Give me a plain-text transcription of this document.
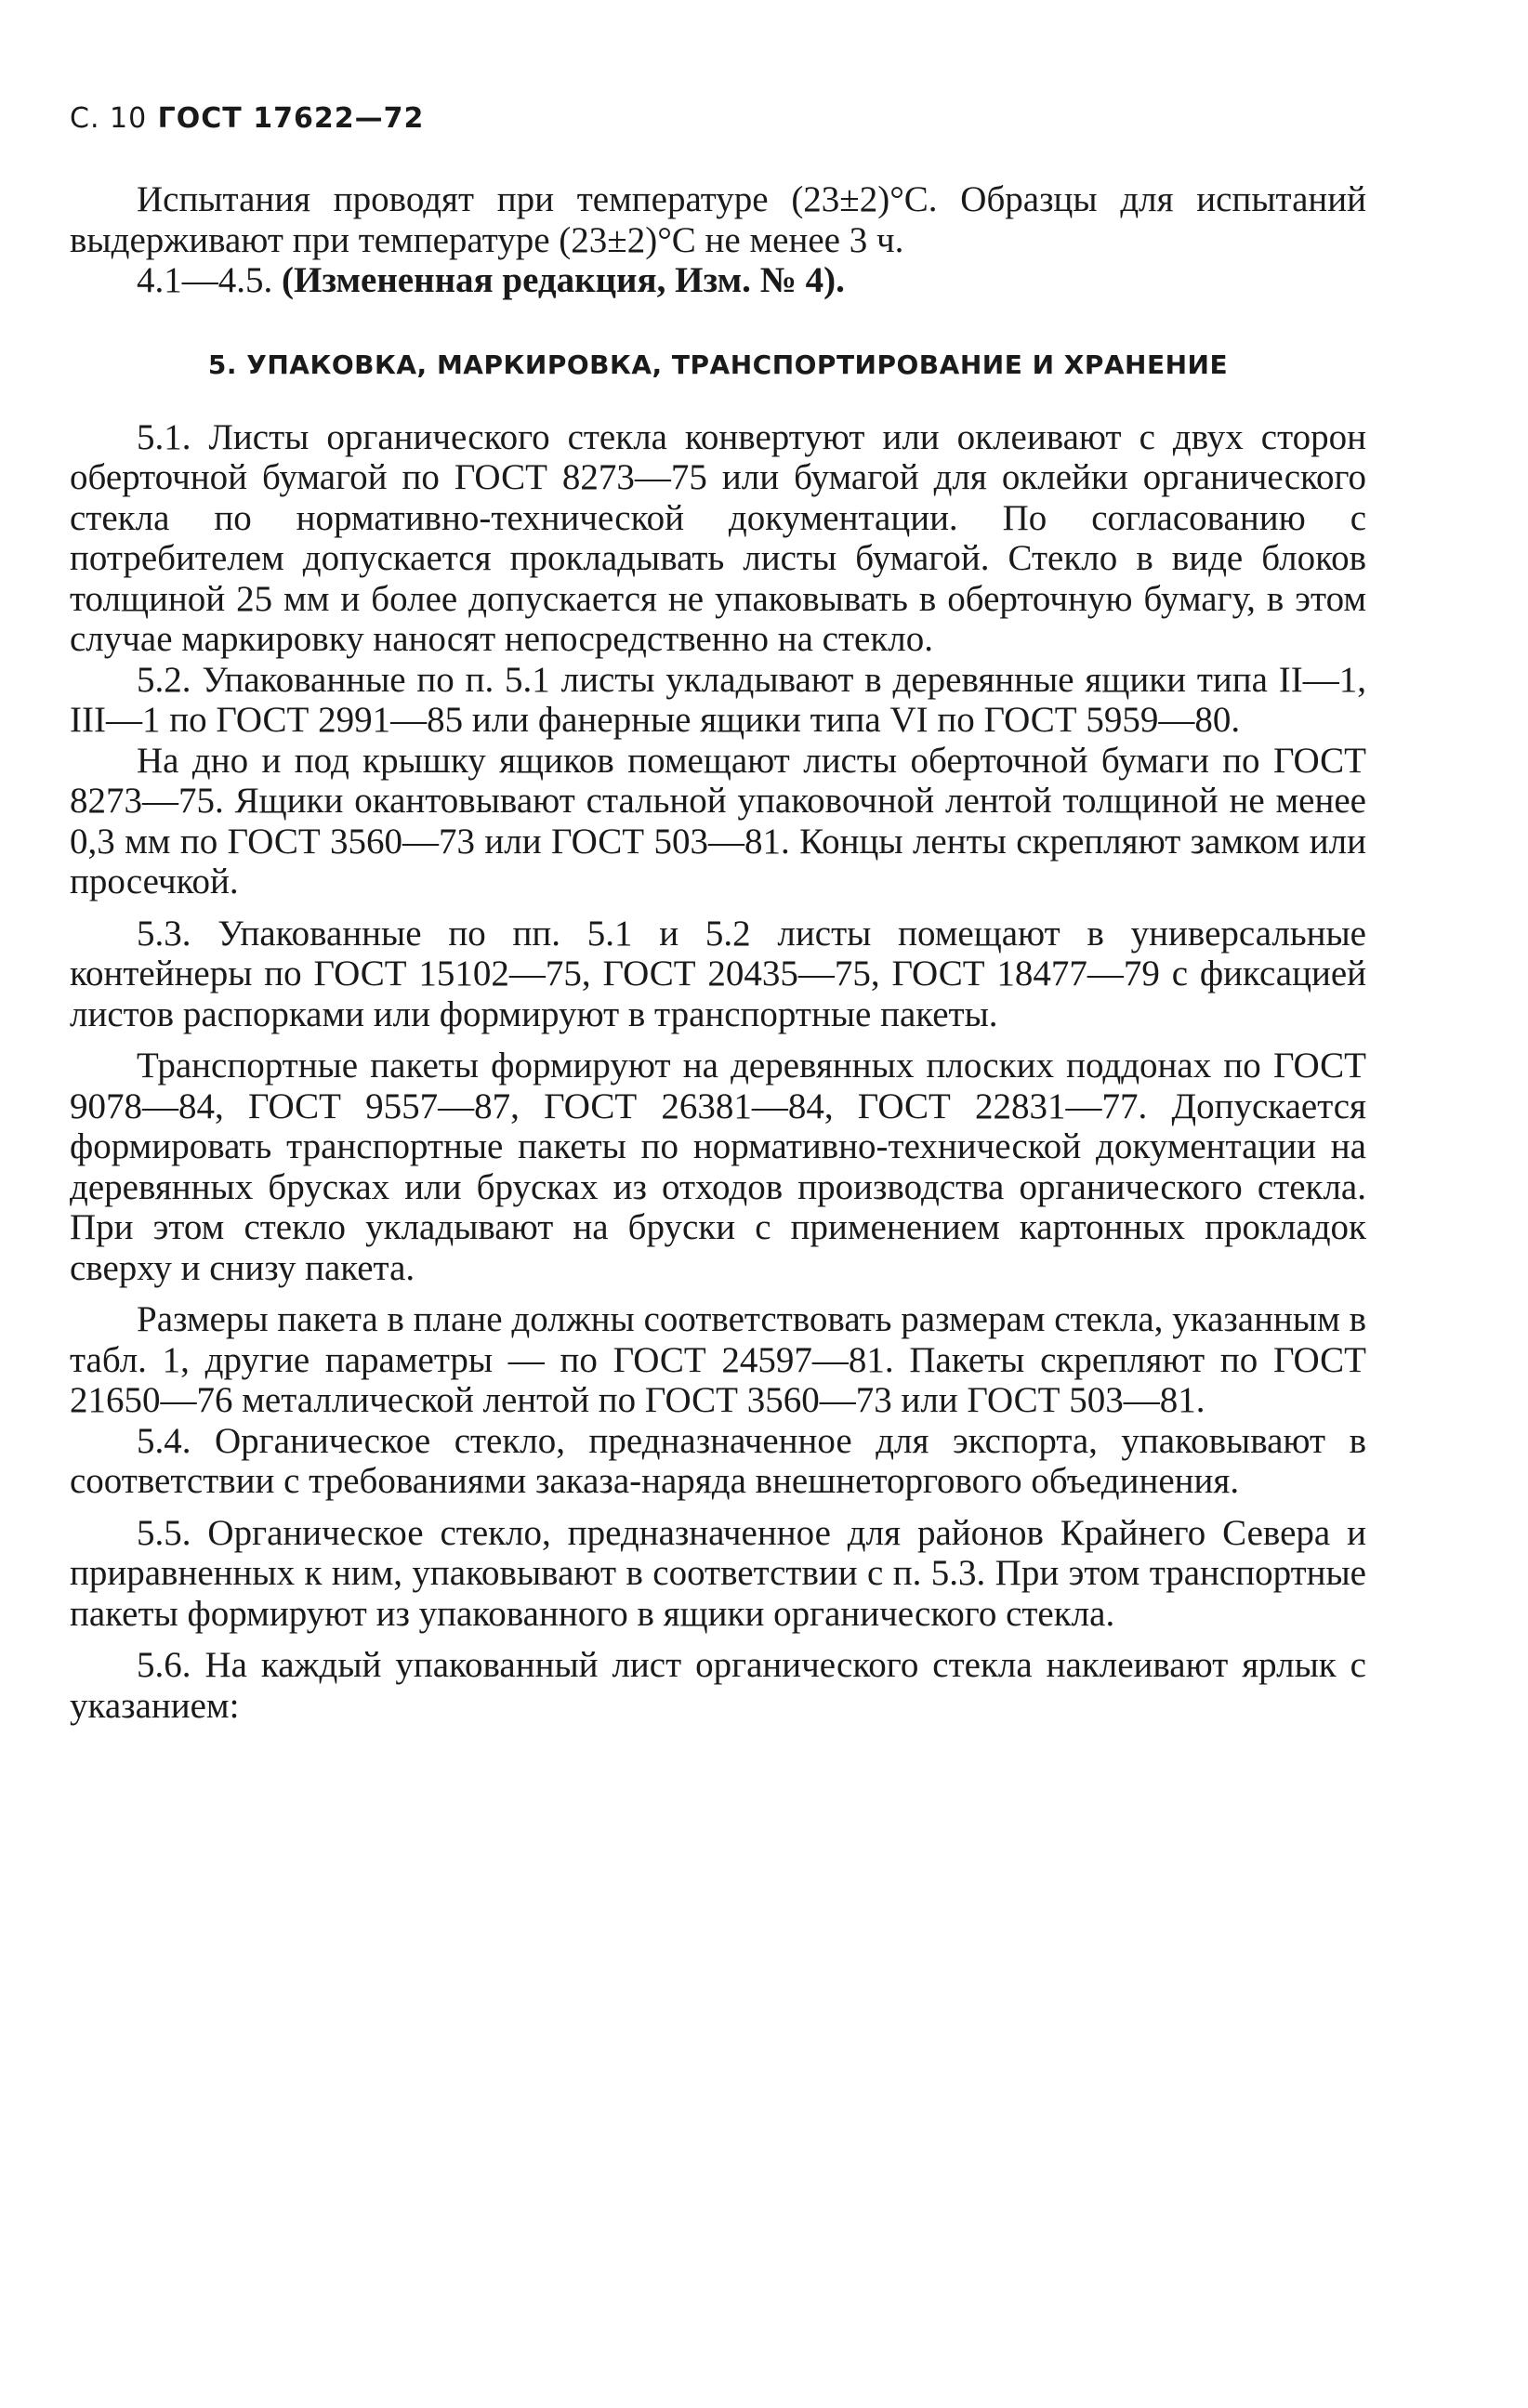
С. 10 ГОСТ 17622—72

Испытания проводят при температуре (23±2)°С. Образцы для испытаний выдерживают при температуре (23±2)°С не менее 3 ч.

4.1—4.5. (Измененная редакция, Изм. № 4).

5. УПАКОВКА, МАРКИРОВКА, ТРАНСПОРТИРОВАНИЕ И ХРАНЕНИЕ

5.1. Листы органического стекла конвертуют или оклеивают с двух сторон оберточной бумагой по ГОСТ 8273—75 или бумагой для оклейки органического стекла по нормативно-технической документации. По согласованию с потребителем допускается прокладывать листы бумагой. Стекло в виде блоков толщиной 25 мм и более допускается не упаковывать в оберточную бумагу, в этом случае маркировку наносят непосредственно на стекло.

5.2. Упакованные по п. 5.1 листы укладывают в деревянные ящики типа II—1, III—1 по ГОСТ 2991—85 или фанерные ящики типа VI по ГОСТ 5959—80.

На дно и под крышку ящиков помещают листы оберточной бумаги по ГОСТ 8273—75. Ящики окантовывают стальной упаковочной лентой толщиной не менее 0,3 мм по ГОСТ 3560—73 или ГОСТ 503—81. Концы ленты скрепляют замком или просечкой.

5.3. Упакованные по пп. 5.1 и 5.2 листы помещают в универсальные контейнеры по ГОСТ 15102—75, ГОСТ 20435—75, ГОСТ 18477—79 с фиксацией листов распорками или формируют в транспортные пакеты.

Транспортные пакеты формируют на деревянных плоских поддонах по ГОСТ 9078—84, ГОСТ 9557—87, ГОСТ 26381—84, ГОСТ 22831—77. Допускается формировать транспортные пакеты по нормативно-технической документации на деревянных брусках или брусках из отходов производства органического стекла. При этом стекло укладывают на бруски с применением картонных прокладок сверху и снизу пакета.

Размеры пакета в плане должны соответствовать размерам стекла, указанным в табл. 1, другие параметры — по ГОСТ 24597—81. Пакеты скрепляют по ГОСТ 21650—76 металлической лентой по ГОСТ 3560—73 или ГОСТ 503—81.

5.4. Органическое стекло, предназначенное для экспорта, упаковывают в соответствии с требованиями заказа-наряда внешнеторгового объединения.

5.5. Органическое стекло, предназначенное для районов Крайнего Севера и приравненных к ним, упаковывают в соответствии с п. 5.3. При этом транспортные пакеты формируют из упакованного в ящики органического стекла.

5.6. На каждый упакованный лист органического стекла наклеивают ярлык с указанием:
